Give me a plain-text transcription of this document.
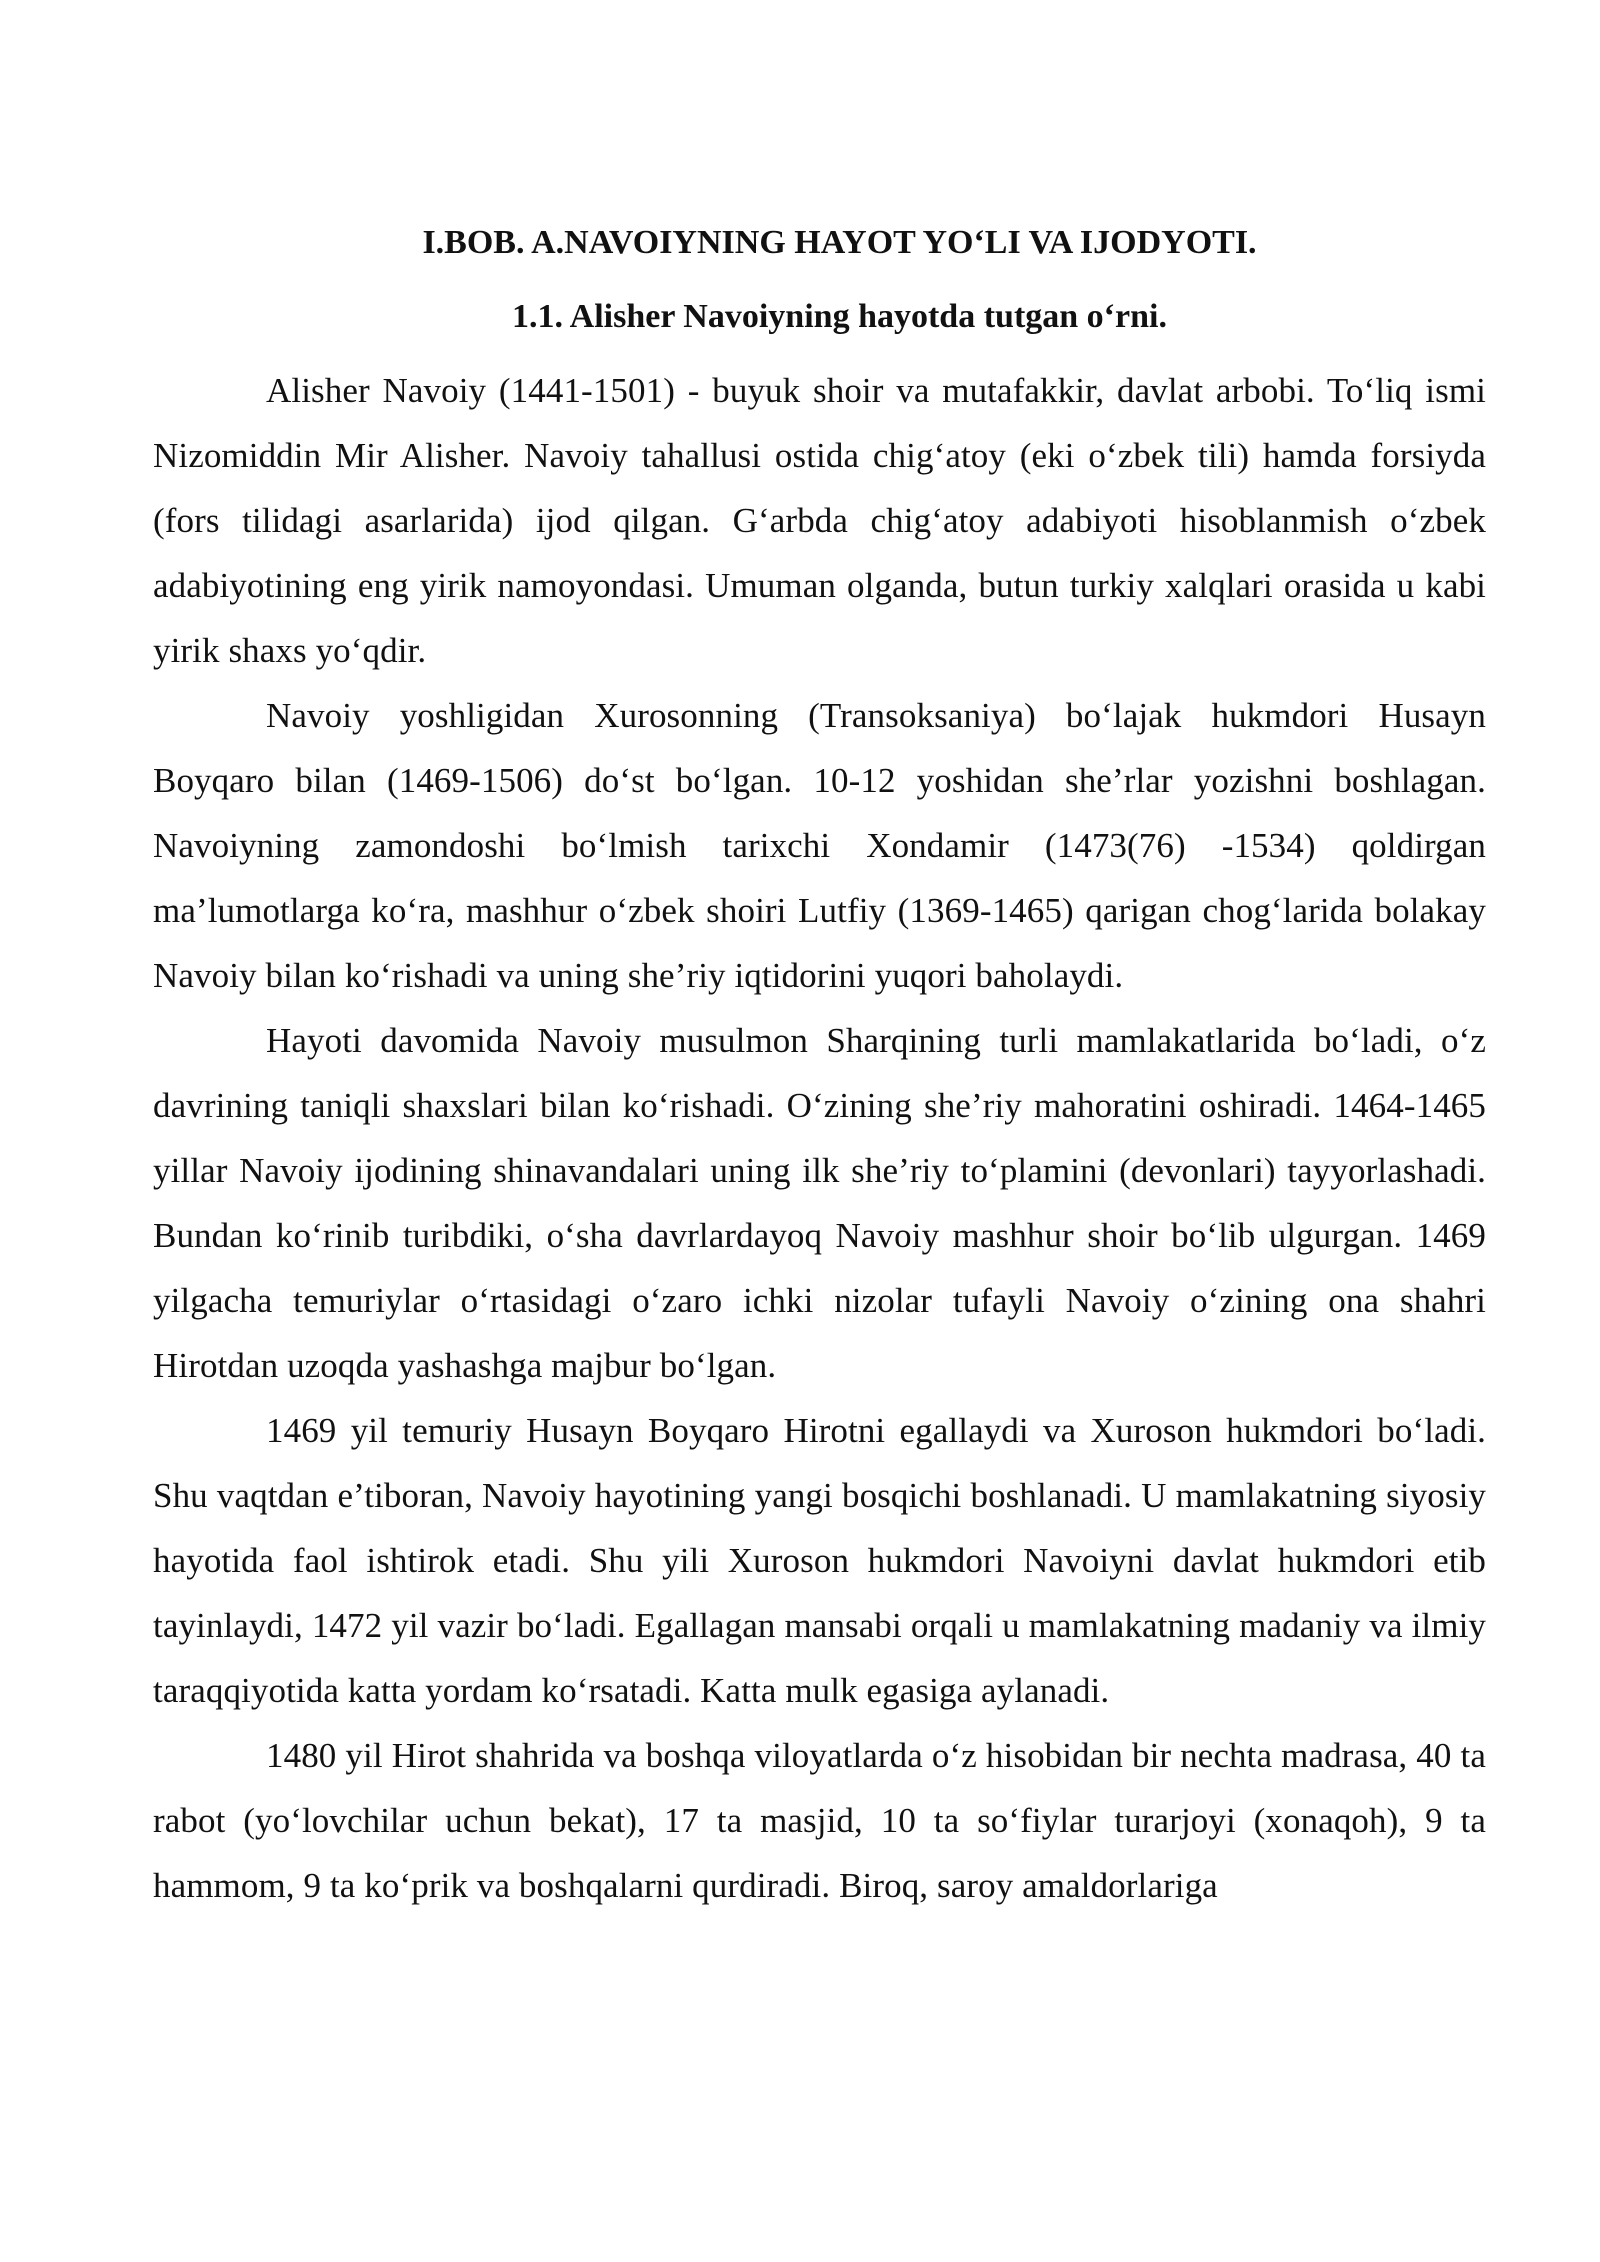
I.BOB. A.NAVOIYNING HAYOT YO‘LI VA IJODYOTI.
1.1. Alisher Navoiyning hayotda tutgan o‘rni.

Alisher Navoiy (1441-1501) - buyuk shoir va mutafakkir, davlat arbobi. To‘liq ismi Nizomiddin Mir Alisher. Navoiy tahallusi ostida chig‘atoy (eki o‘zbek tili) hamda forsiyda (fors tilidagi asarlarida) ijod qilgan. G‘arbda chig‘atoy adabiyoti hisoblanmish o‘zbek adabiyotining eng yirik namoyondasi. Umuman olganda, butun turkiy xalqlari orasida u kabi yirik shaxs yo‘qdir.

Navoiy yoshligidan Xurosonning (Transoksaniya) bo‘lajak hukmdori Husayn Boyqaro bilan (1469-1506) do‘st bo‘lgan. 10-12 yoshidan she’rlar yozishni boshlagan. Navoiyning zamondoshi bo‘lmish tarixchi Xondamir (1473(76) -1534) qoldirgan ma’lumotlarga ko‘ra, mashhur o‘zbek shoiri Lutfiy (1369-1465) qarigan chog‘larida bolakay Navoiy bilan ko‘rishadi va uning she’riy iqtidorini yuqori baholaydi.

Hayoti davomida Navoiy musulmon Sharqining turli mamlakatlarida bo‘ladi, o‘z davrining taniqli shaxslari bilan ko‘rishadi. O‘zining she’riy mahoratini oshiradi. 1464-1465 yillar Navoiy ijodining shinavandalari uning ilk she’riy to‘plamini (devonlari) tayyorlashadi. Bundan ko‘rinib turibdiki, o‘sha davrlardayoq Navoiy mashhur shoir bo‘lib ulgurgan. 1469 yilgacha temuriylar o‘rtasidagi o‘zaro ichki nizolar tufayli Navoiy o‘zining ona shahri Hirotdan uzoqda yashashga majbur bo‘lgan.

1469 yil temuriy Husayn Boyqaro Hirotni egallaydi va Xuroson hukmdori bo‘ladi. Shu vaqtdan e’tiboran, Navoiy hayotining yangi bosqichi boshlanadi. U mamlakatning siyosiy hayotida faol ishtirok etadi. Shu yili Xuroson hukmdori Navoiyni davlat hukmdori etib tayinlaydi, 1472 yil vazir bo‘ladi. Egallagan mansabi orqali u mamlakatning madaniy va ilmiy taraqqiyotida katta yordam ko‘rsatadi. Katta mulk egasiga aylanadi.

1480 yil Hirot shahrida va boshqa viloyatlarda o‘z hisobidan bir nechta madrasa, 40 ta rabot (yo‘lovchilar uchun bekat), 17 ta masjid, 10 ta so‘fiylar turarjoyi (xonaqoh), 9 ta hammom, 9 ta ko‘prik va boshqalarni qurdiradi. Biroq, saroy amaldorlariga
